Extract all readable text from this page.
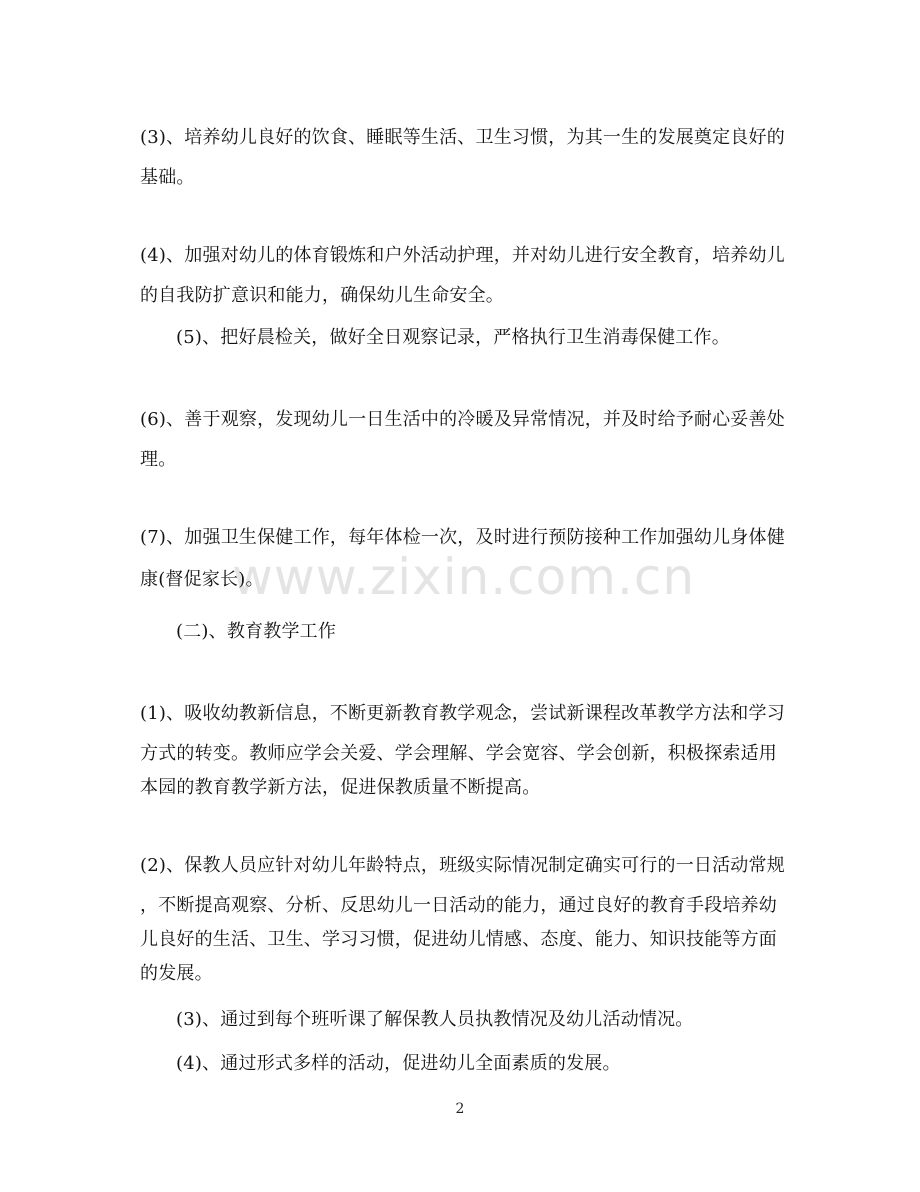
(3)、培养幼儿良好的饮食、睡眠等生活、卫生习惯，为其一生的发展奠定良好的
基础。
(4)、加强对幼儿的体育锻炼和户外活动护理，并对幼儿进行安全教育，培养幼儿
的自我防扩意识和能力，确保幼儿生命安全。
(5)、把好晨检关，做好全日观察记录，严格执行卫生消毒保健工作。
(6)、善于观察，发现幼儿一日生活中的冷暖及异常情况，并及时给予耐心妥善处
理。
(7)、加强卫生保健工作，每年体检一次，及时进行预防接种工作加强幼儿身体健
康(督促家长)。
www.zixin.com.cn
(二)、教育教学工作
(1)、吸收幼教新信息，不断更新教育教学观念，尝试新课程改革教学方法和学习
方式的转变。教师应学会关爱、学会理解、学会宽容、学会创新，积极探索适用
本园的教育教学新方法，促进保教质量不断提高。
(2)、保教人员应针对幼儿年龄特点，班级实际情况制定确实可行的一日活动常规
，不断提高观察、分析、反思幼儿一日活动的能力，通过良好的教育手段培养幼
儿良好的生活、卫生、学习习惯，促进幼儿情感、态度、能力、知识技能等方面
的发展。
(3)、通过到每个班听课了解保教人员执教情况及幼儿活动情况。
(4)、通过形式多样的活动，促进幼儿全面素质的发展。
2
